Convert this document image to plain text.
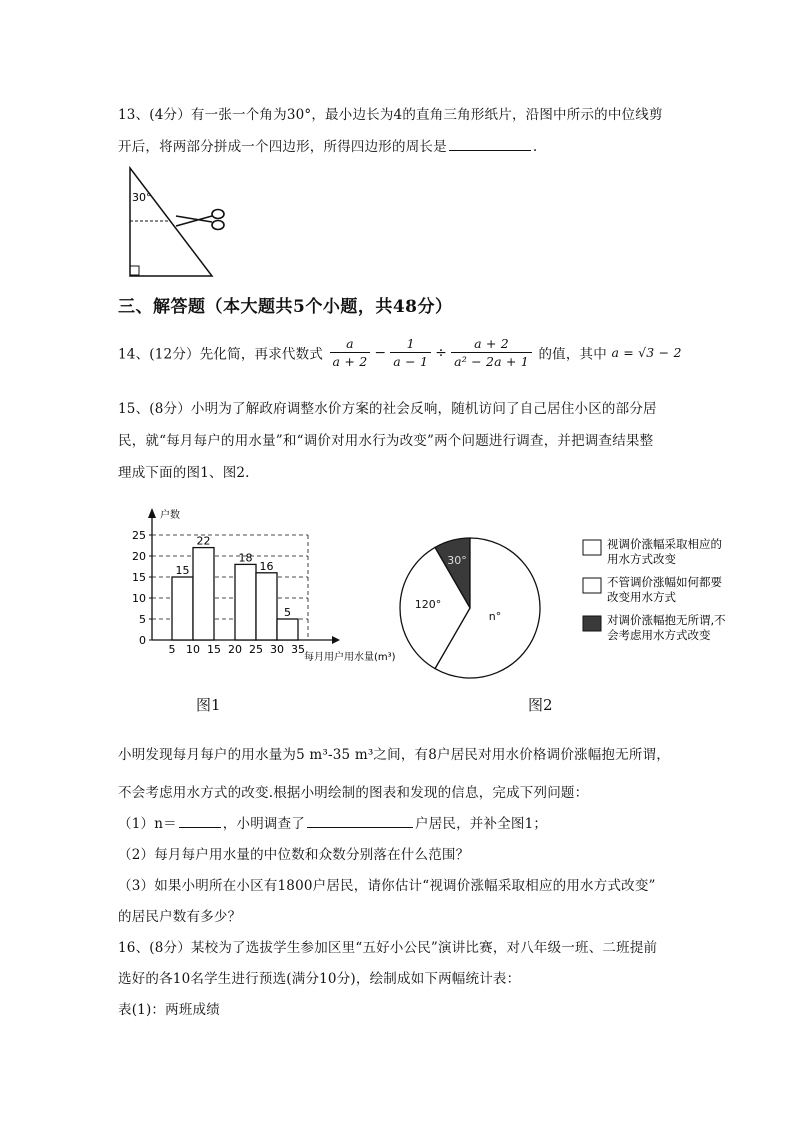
13、(4分）有一张一个角为30°，最小边长为4的直角三角形纸片，沿图中所示的中位线剪
开后，将两部分拼成一个四边形，所得四边形的周长是	.
30°
三、解答题（本大题共5个小题，共48分）
14、(12分）先化简，再求代数式 $\frac{a}{a + 2} - \frac{1}{a - 1} \div \frac{a + 2}{\text{a² − 2a + 1}}$ 的值，其中 a = √3 − 2
15、(8分）小明为了解政府调整水价方案的社会反响，随机访问了自己居住小区的部分居
民，就“每月每户的用水量”和“调价对用水行为改变”两个问题进行调查，并把调查结果整
理成下面的图1、图2.
户数
每月用户用水量(m³)
0
5
10
15
20
25
15
22
18
16
5
5 10 15 20 25 30 35
图1
30°
n°
120°
视调价涨幅采取相应的
用水方式改变
不管调价涨幅如何都要
改变用水方式
对调价涨幅抱无所谓,不
会考虑用水方式改变
图2
小明发现每月每户的用水量为5 m³-35 m³之间，有8户居民对用水价格调价涨幅抱无所谓，
不会考虑用水方式的改变.根据小明绘制的图表和发现的信息，完成下列问题：
（1）n＝	，小明调查了	户居民，并补全图1；
（2）每月每户用水量的中位数和众数分别落在什么范围？
（3）如果小明所在小区有1800户居民，请你估计“视调价涨幅采取相应的用水方式改变”
的居民户数有多少？
16、(8分）某校为了选拔学生参加区里“五好小公民”演讲比赛，对八年级一班、二班提前
选好的各10名学生进行预选(满分10分)，绘制成如下两幅统计表：
表(1)：两班成绩
